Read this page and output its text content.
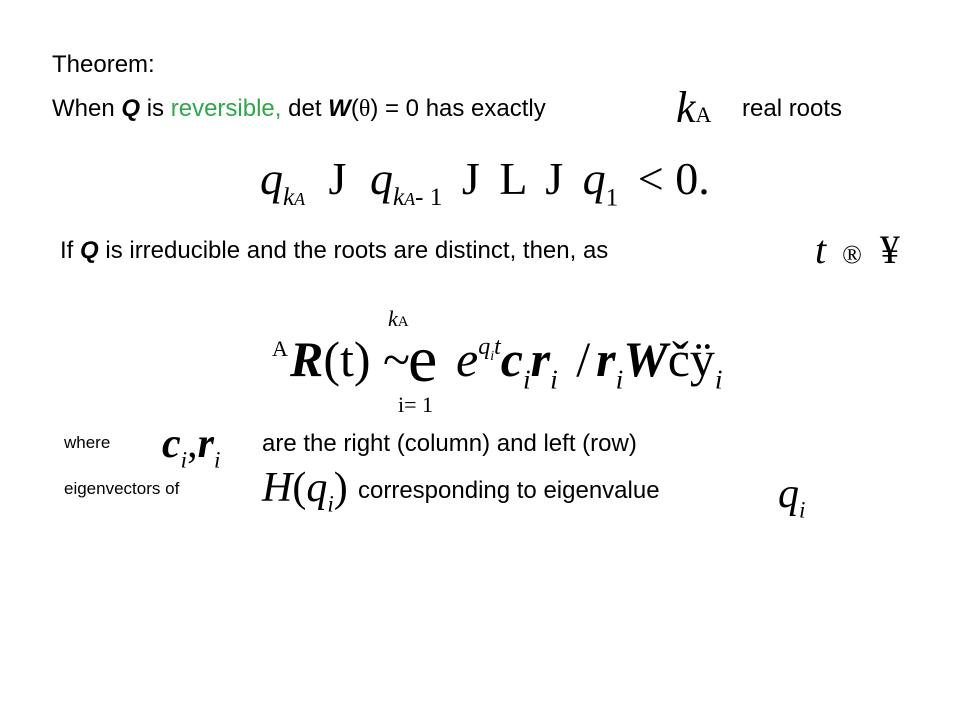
Theorem:
When Q is reversible, det W(θ) = 0 has exactly	kA real roots
$q_{kA}$ J $q_{kA- 1}$ J L J $q_1 < 0$.
If Q is irreducible and the roots are distinct, then, as	t ® ¥
A R(t) ~
kA
e
i= 1
$e^{q_it}c_ir_i$ / $r_iWčÿ_i$
where $c_i,r_i$
are the right (column) and left (row)
eigenvectors of $H(q_i)$ corresponding to eigenvalue	$q_i$
